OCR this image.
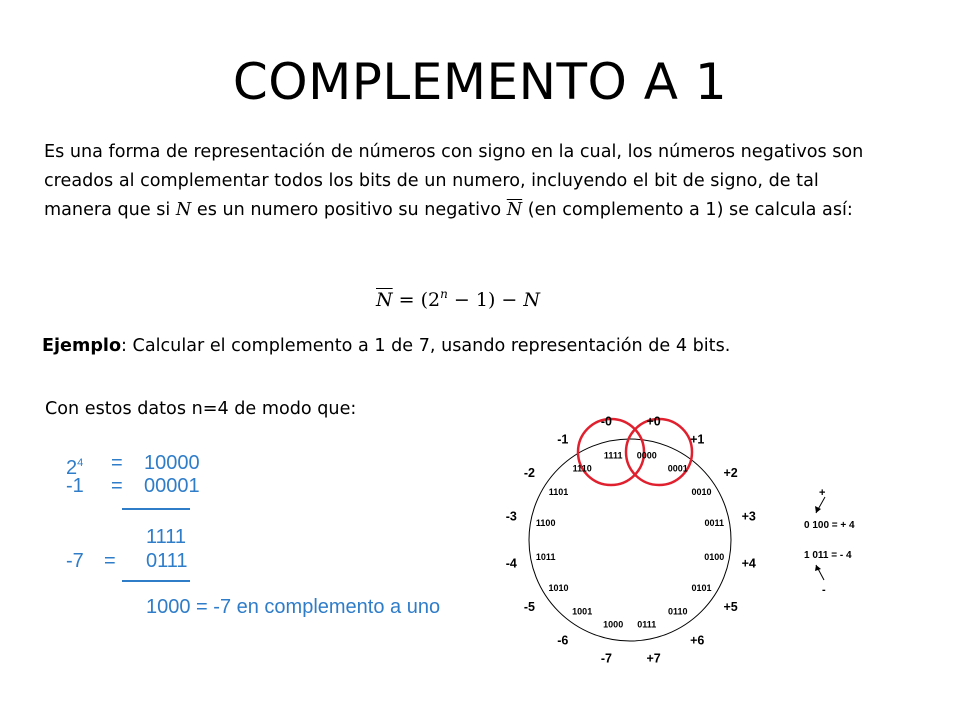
COMPLEMENTO A 1
Es una forma de representación de números con signo en la cual, los números negativos son creados al complementar todos los bits de un numero, incluyendo el bit de signo, de tal manera que si N es un numero positivo su negativo $\overline{N}$ (en complemento a 1) se calcula así:
$\overline{N} = (2^n - 1) - N$
Ejemplo: Calcular el complemento a 1 de 7, usando representación de 4 bits.
Con estos datos n=4 de modo que:
$2^4 = 10000$
-1 = 00001
1111
-7 = 0111
1000 = -7 en complemento a uno
0000
+0
0001
+1
0010
+2
0011 +3
0100 +4
0101
+5
0110
+6
0111
+7
1000
-7
1001
-6
1010
-5
1011
-4
1100
-3
1101
-2	1110
-1
1111
-0
+
0 100 = + 4
1 011 = - 4
-
